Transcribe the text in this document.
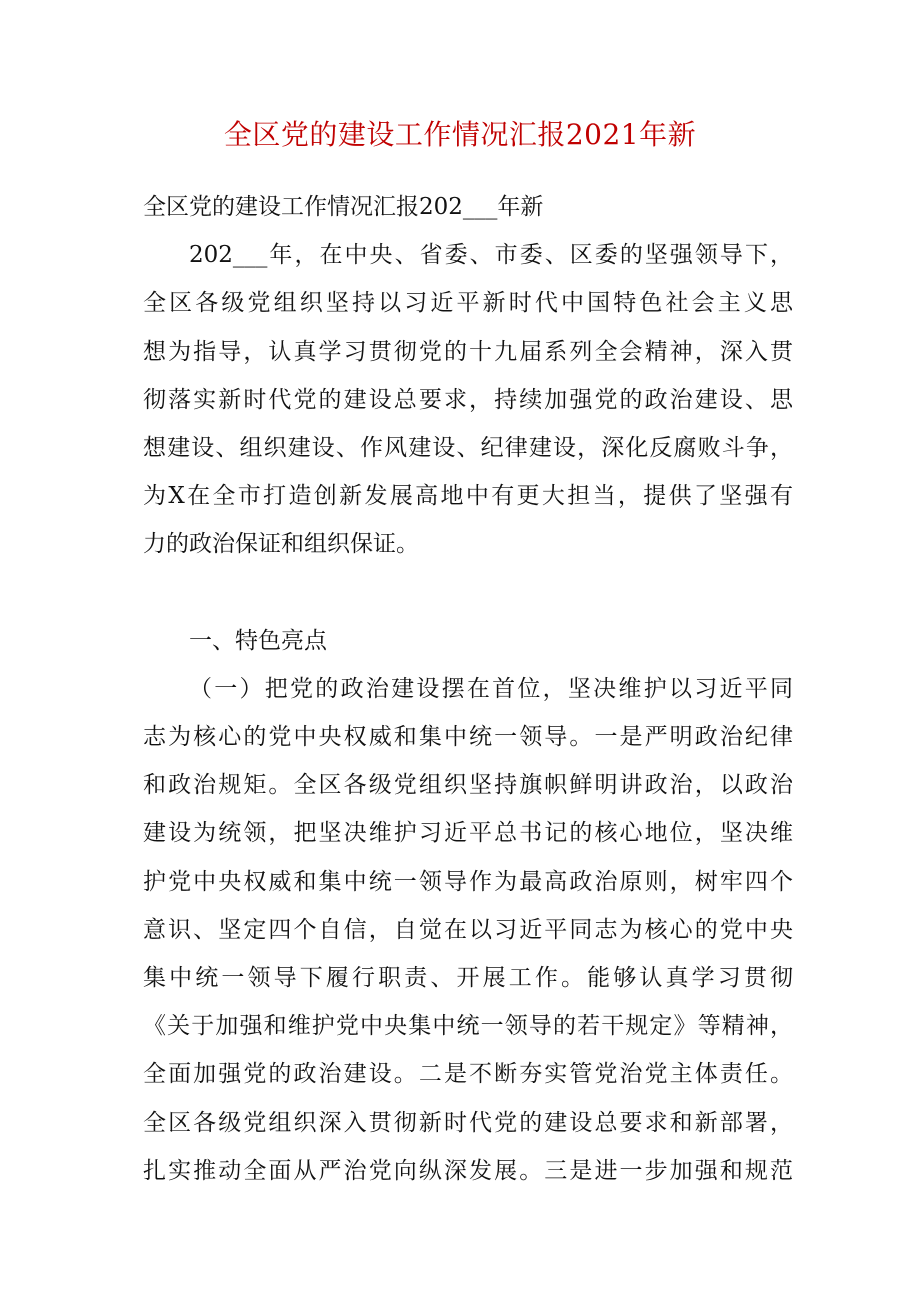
全区党的建设工作情况汇报2021年新
全区党的建设工作情况汇报202___年新
202___年，在中央、省委、市委、区委的坚强领导下，
全区各级党组织坚持以习近平新时代中国特色社会主义思
想为指导，认真学习贯彻党的十九届系列全会精神，深入贯
彻落实新时代党的建设总要求，持续加强党的政治建设、思
想建设、组织建设、作风建设、纪律建设，深化反腐败斗争，
为X在全市打造创新发展高地中有更大担当，提供了坚强有
力的政治保证和组织保证。
一、特色亮点
（一）把党的政治建设摆在首位，坚决维护以习近平同
志为核心的党中央权威和集中统一领导。一是严明政治纪律
和政治规矩。全区各级党组织坚持旗帜鲜明讲政治，以政治
建设为统领，把坚决维护习近平总书记的核心地位，坚决维
护党中央权威和集中统一领导作为最高政治原则，树牢四个
意识、坚定四个自信，自觉在以习近平同志为核心的党中央
集中统一领导下履行职责、开展工作。能够认真学习贯彻
《关于加强和维护党中央集中统一领导的若干规定》等精神，
全面加强党的政治建设。二是不断夯实管党治党主体责任。
全区各级党组织深入贯彻新时代党的建设总要求和新部署，
扎实推动全面从严治党向纵深发展。三是进一步加强和规范
